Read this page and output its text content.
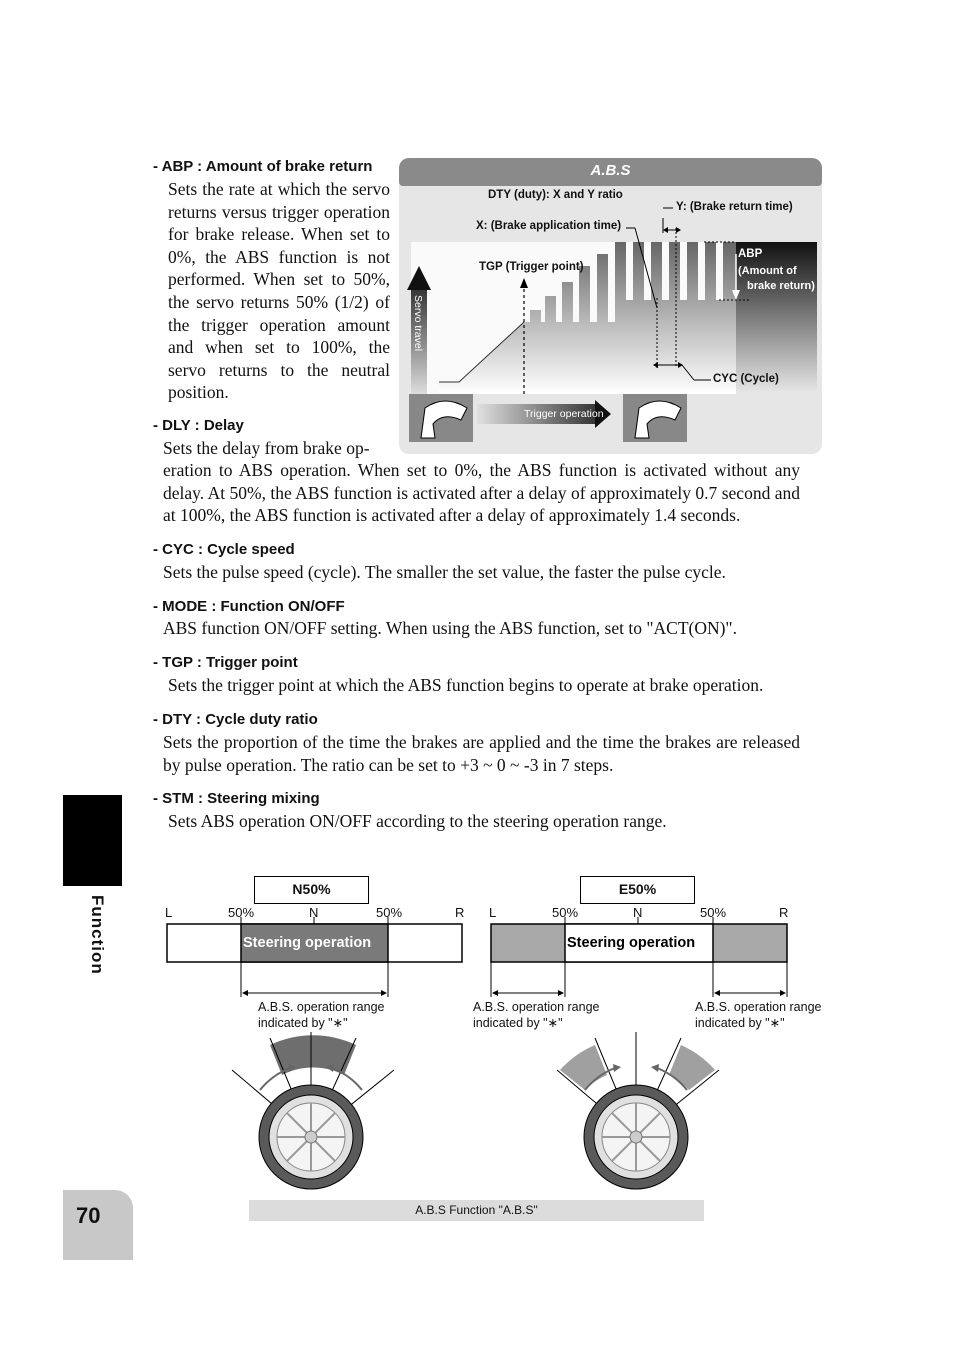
Function
70
- ABP : Amount of brake return
Sets the rate at which the servo returns versus trigger operation for brake release. When set to 0%, the ABS function is not performed. When set to 50%, the servo returns 50% (1/2) of the trigger operation amount and when set to 100%, the servo returns to the neutral position.
A.B.S
DTY (duty): X and Y ratio
Y: (Brake return time)
X: (Brake application time)
TGP (Trigger point)
ABP
(Amount of
brake return)
Servo travel
CYC (Cycle)
Trigger operation
- DLY : Delay
Sets the delay from brake op-
eration to ABS operation. When set to 0%, the ABS function is activated without any delay. At 50%, the ABS function is activated after a delay of approximately 0.7 second and at 100%, the ABS function is activated after a delay of approximately 1.4 seconds.
- CYC : Cycle speed
Sets the pulse speed (cycle). The smaller the set value, the faster the pulse cycle.
- MODE : Function ON/OFF
ABS function ON/OFF setting. When using the ABS function, set to "ACT(ON)".
- TGP : Trigger point
Sets the trigger point at which the ABS function begins to operate at brake operation.
- DTY : Cycle duty ratio
Sets the proportion of the time the brakes are applied and the time the brakes are released by pulse operation. The ratio can be set to +3 ~ 0 ~ -3 in 7 steps.
- STM : Steering mixing
Sets ABS operation ON/OFF according to the steering operation range.
N50%	E50%
L	50%	N	50%	R L	50%	N	50%	R
Steering operation	Steering operation
A.B.S. operation range
indicated by "∗"
A.B.S. operation range
indicated by "∗"
A.B.S. operation range
indicated by "∗"
A.B.S Function "A.B.S"
